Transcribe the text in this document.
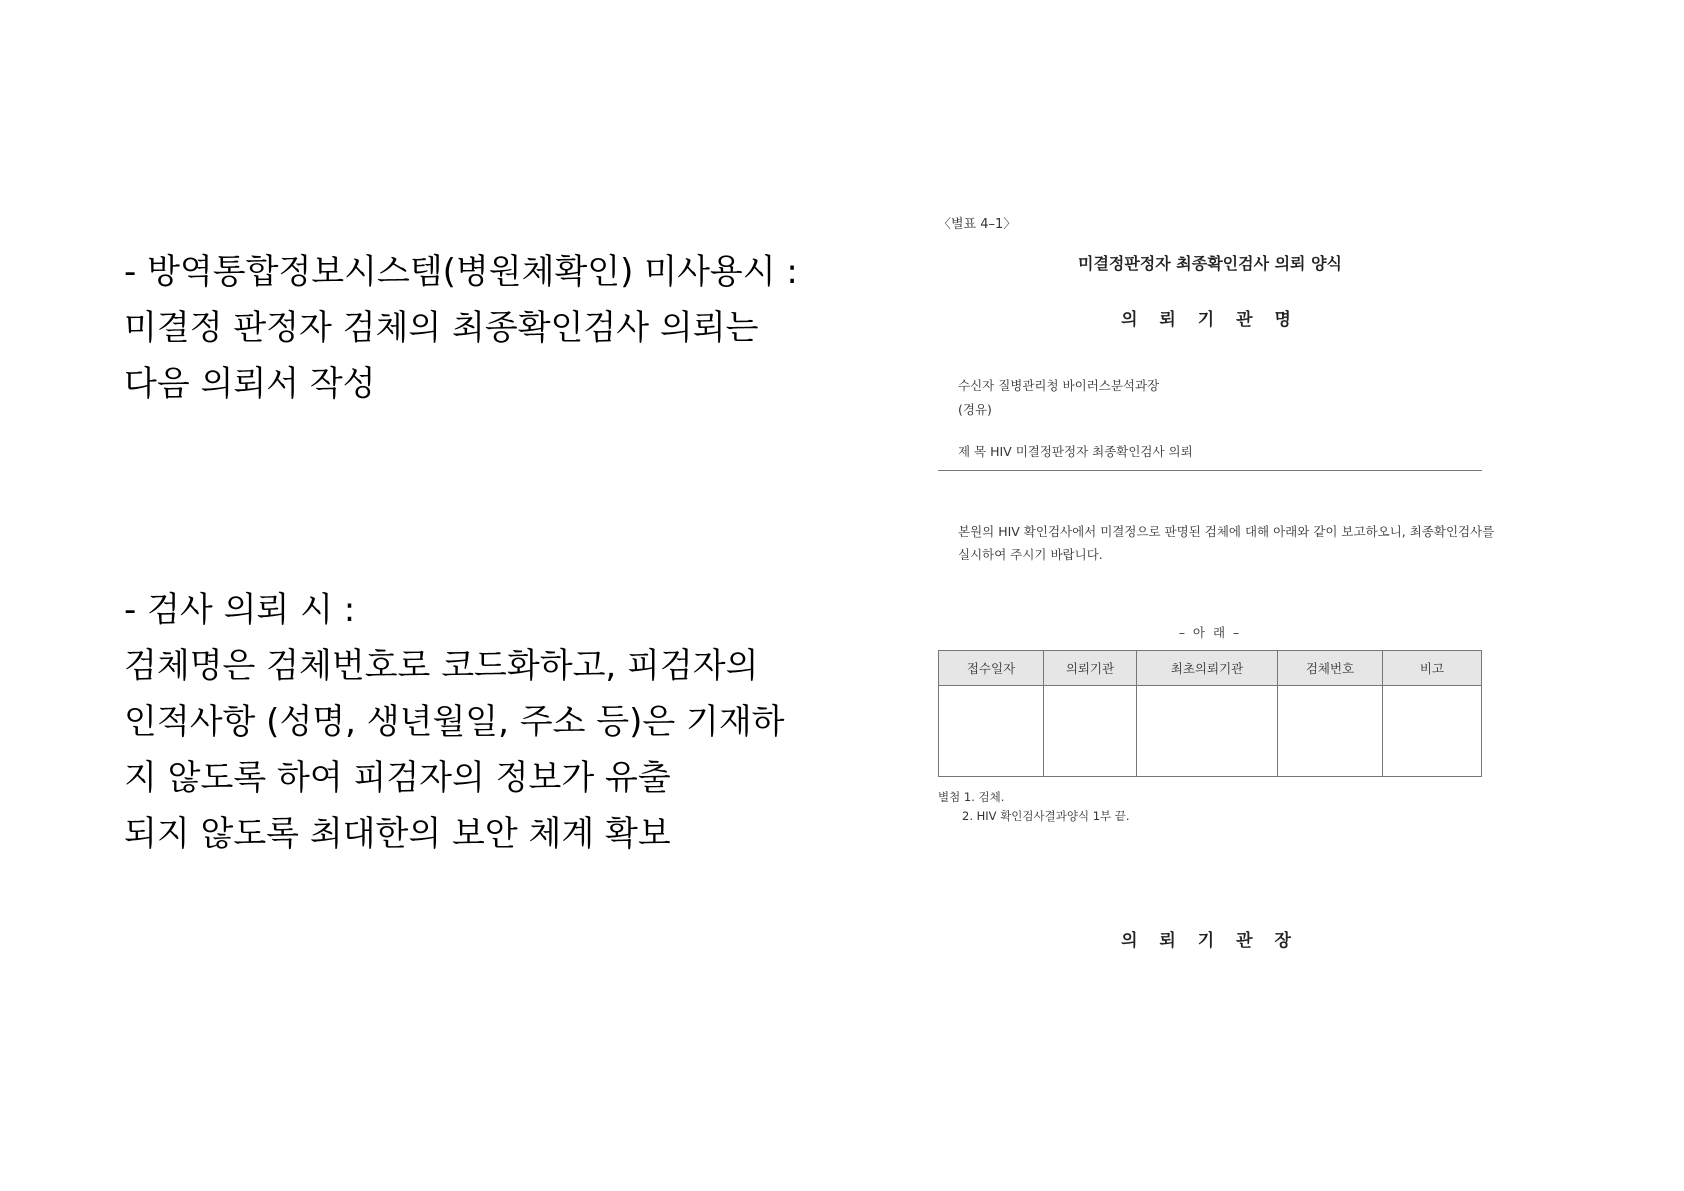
- 방역통합정보시스템(병원체확인) 미사용시 :
미결정 판정자 검체의 최종확인검사 의뢰는
다음 의뢰서 작성
- 검사 의뢰 시 :
검체명은 검체번호로 코드화하고, 피검자의
인적사항 (성명, 생년월일, 주소 등)은 기재하
지 않도록 하여 피검자의 정보가 유출
되지 않도록 최대한의 보안 체계 확보
〈별표 4–1〉
미결정판정자 최종확인검사 의뢰 양식
의 뢰 기 관 명
수신자 질병관리청 바이러스분석과장
(경유)
제 목 HIV 미결정판정자 최종확인검사 의뢰
본원의 HIV 확인검사에서 미결정으로 판명된 검체에 대해 아래와 같이 보고하오니, 최종확인검사를
실시하여 주시기 바랍니다.
– 아 래 –
접수일자	의뢰기관	최초의뢰기관	검체번호	비고

별첨 1. 검체.
2. HIV 확인검사결과양식 1부 끝.
의 뢰 기 관 장
